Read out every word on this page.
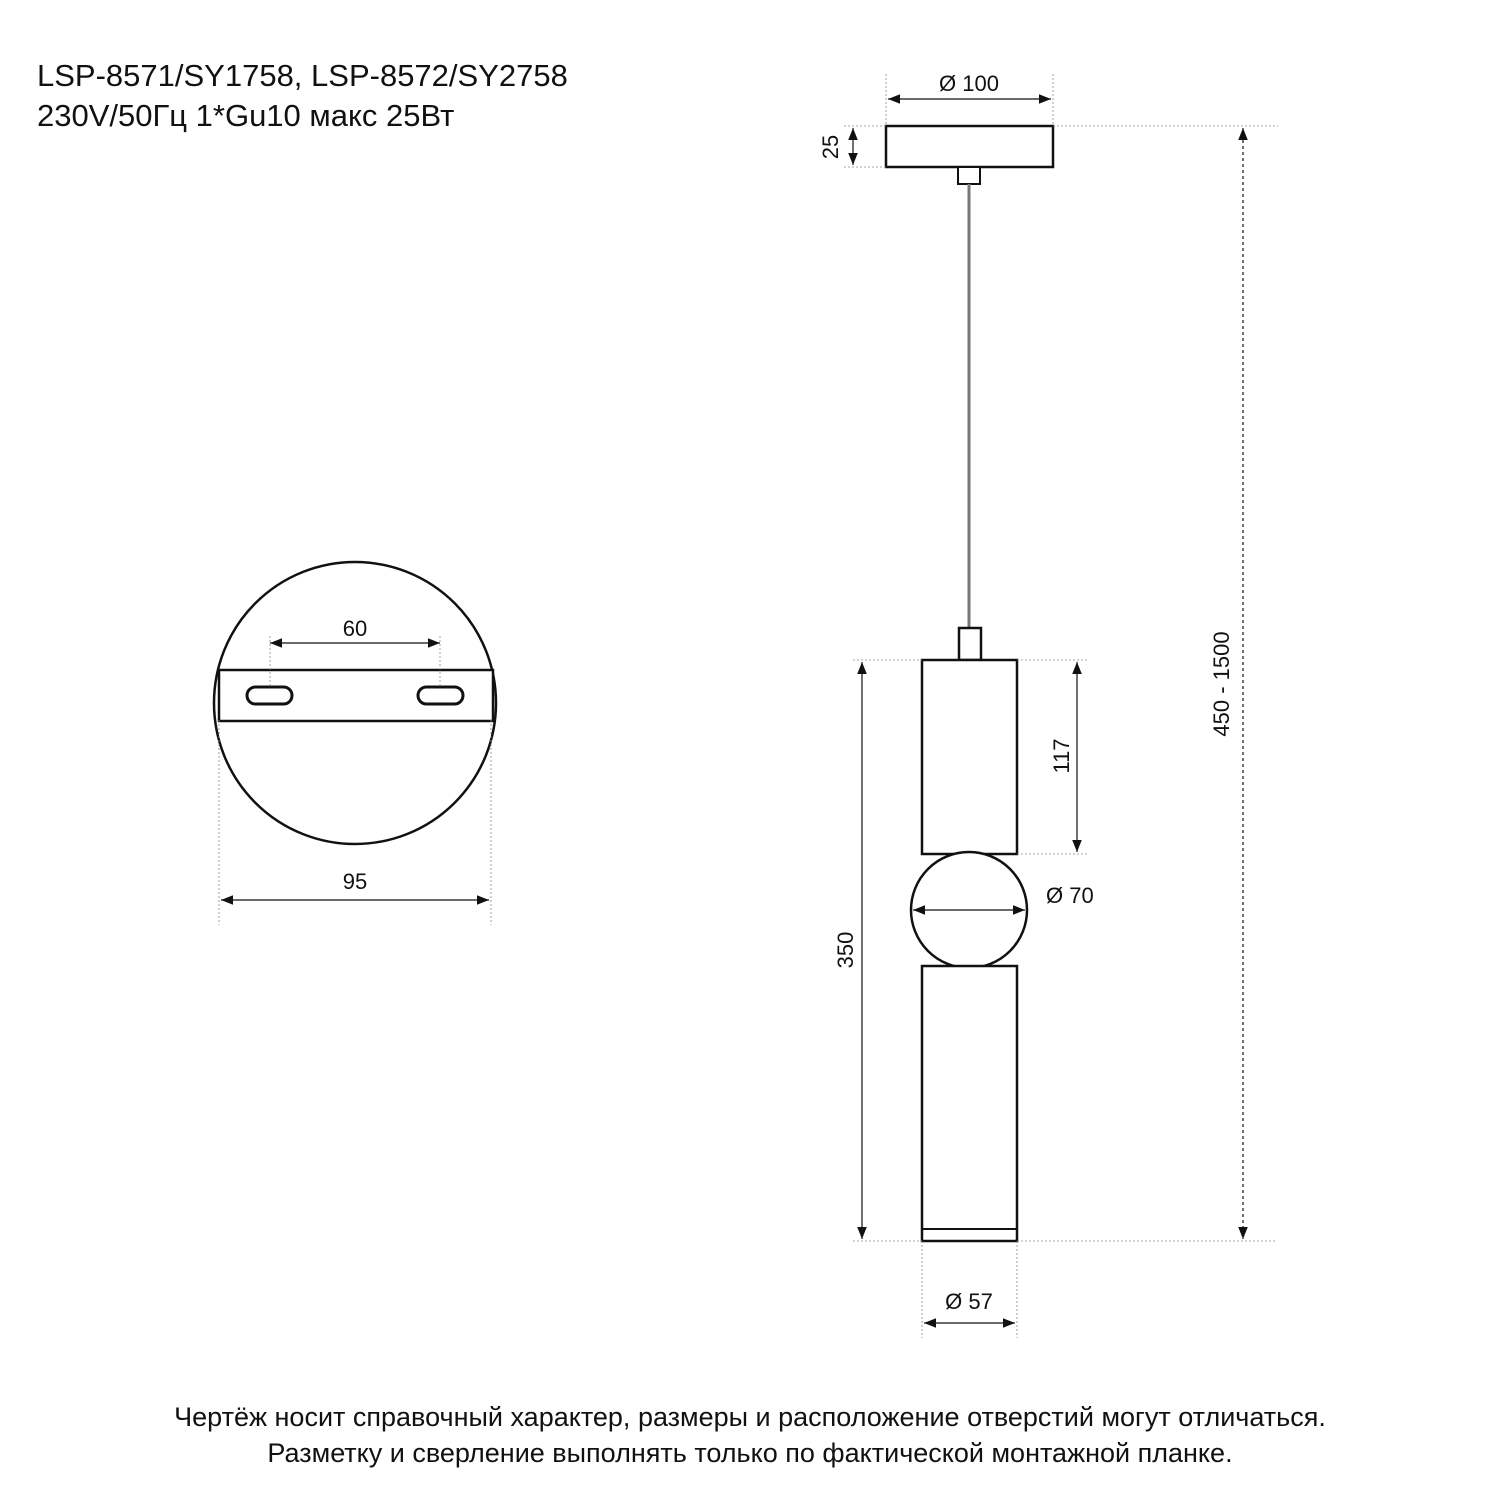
LSP-8571/SY1758, LSP-8572/SY2758
230V/50Гц 1*Gu10 макс 25Вт
60
95
Ø 100
25
450 - 1500
117
Ø 70
350
Ø 57
Чертёж носит справочный характер, размеры и расположение отверстий могут отличаться.
Разметку и сверление выполнять только по фактической монтажной планке.
